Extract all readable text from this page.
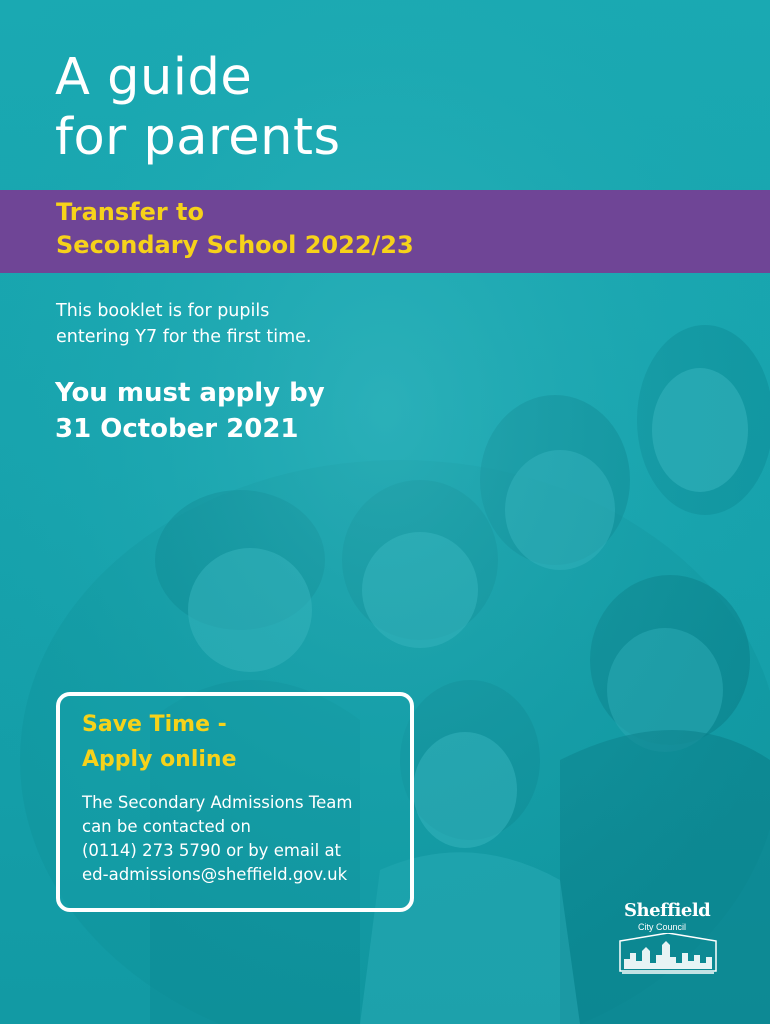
A guide
for parents
Transfer to
Secondary School 2022/23
This booklet is for pupils
entering Y7 for the first time.
You must apply by
31 October 2021
Save Time -
Apply online
The Secondary Admissions Team
can be contacted on
(0114) 273 5790 or by email at
ed-admissions@sheffield.gov.uk
Sheffield
City Council
